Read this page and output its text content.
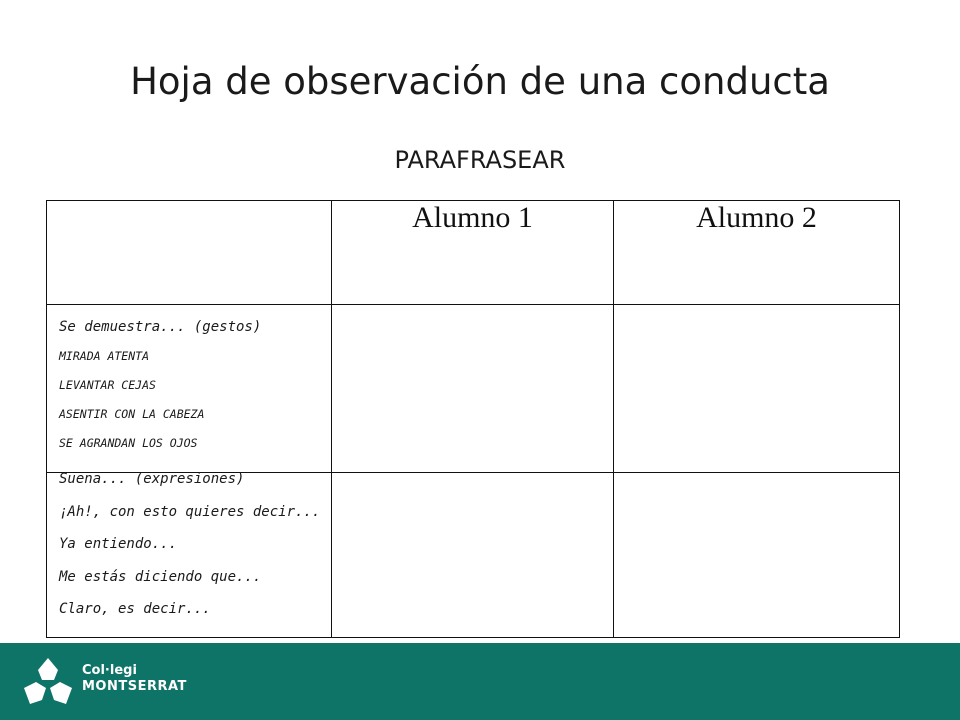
Hoja de observación de una conducta
PARAFRASEAR
	Alumno 1	Alumno 2

Se demuestra... (gestos)
MIRADA ATENTA
LEVANTAR CEJAS
ASENTIR CON LA CABEZA
SE AGRANDAN LOS OJOS		

Suena... (expresiones)
¡Ah!, con esto quieres decir...
Ya entiendo...
Me estás diciendo que...
Claro, es decir...		

Col·legi
MONTSERRAT
